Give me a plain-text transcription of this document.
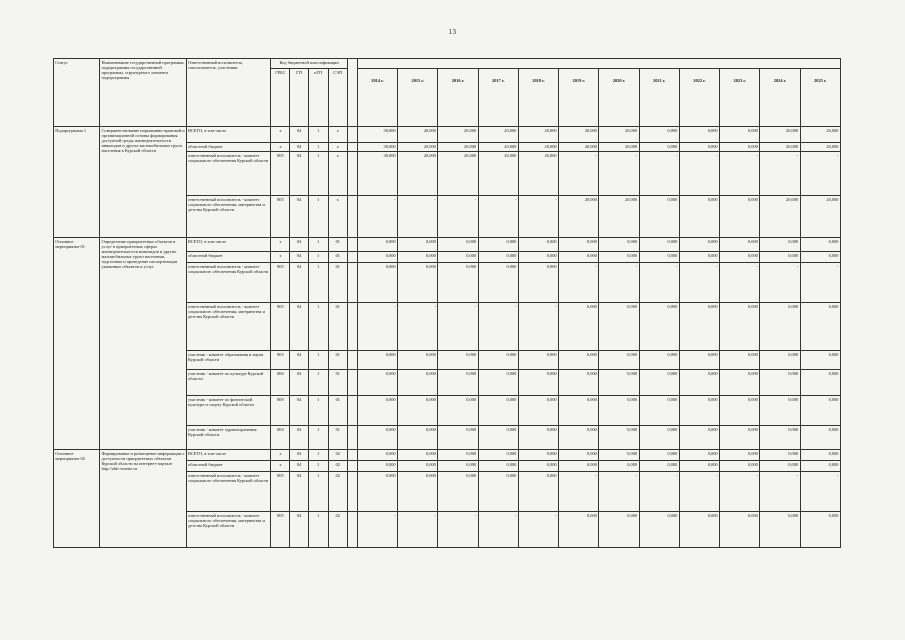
13
Статус	Наименование государственной программы, подпрограммы государственной программы, структурного элемента подпрограммы	Ответственный исполнитель, соисполнитель, участники	Код бюджетной классификации																
			ГРБС	ГП	пГП	СЭП		2014 г.	2015 г.	2016 г.	2017 г.	2018 г.	2019 г.	2020 г.	2021 г.	2022 г.	2023 г.	2024 г.	2025 г.
Подпрограмма 1	Совершенствование нормативно-правовой и организационной основы формирования доступной среды жизнедеятельности инвалидов и других маломобильных групп населения в Курской области	ВСЕГО, в том числе	х	04	1	х		30,000	20,000	20,000	20,000	20,000	20,000	20,000	0,000	0,000	0,000	20,000	20,000
		областной бюджет	х	04	1	х		30,000	20,000	20,000	20,000	20,000	20,000	20,000	0,000	0,000	0,000	20,000	20,000
		ответственный исполнитель - комитет социального обеспечения Курской области	805	04	1	х		30,000	20,000	20,000	20,000	20,000	-	-	-	-	-	-	-
		ответственный исполнитель - комитет социального обеспечения, материнства и детства Курской области	805	04	1	х		-	-	-	-	-	20,000	20,000	0,000	0,000	0,000	20,000	20,000
Основное мероприятие 01	Определение приоритетных объектов и услуг в приоритетных сферах жизнедеятельности инвалидов и других маломобильных групп населения, подготовка и проведение паспортизации указанных объектов и услуг	ВСЕГО, в том числе	х	04	1	01		0,000	0,000	0,000	0,000	0,000	0,000	0,000	0,000	0,000	0,000	0,000	0,000
		областной бюджет	х	04	1	01		0,000	0,000	0,000	0,000	0,000	0,000	0,000	0,000	0,000	0,000	0,000	0,000
		ответственный исполнитель - комитет социального обеспечения Курской области	805	04	1	01		0,000	0,000	0,000	0,000	0,000	-	-	-	-	-	-	-
		ответственный исполнитель - комитет социального обеспечения, материнства и детства Курской области	805	04	1	01		-	-	-	-	-	0,000	0,000	0,000	0,000	0,000	0,000	0,000
		участник - комитет образования и науки Курской области	803	04	1	01		0,000	0,000	0,000	0,000	0,000	0,000	0,000	0,000	0,000	0,000	0,000	0,000
		участник - комитет по культуре Курской области	806	04	1	01		0,000	0,000	0,000	0,000	0,000	0,000	0,000	0,000	0,000	0,000	0,000	0,000
		участник - комитет по физической культуре и спорту Курской области	809	04	1	01		0,000	0,000	0,000	0,000	0,000	0,000	0,000	0,000	0,000	0,000	0,000	0,000
		участник - комитет здравоохранения Курской области	804	04	1	01		0,000	0,000	0,000	0,000	0,000	0,000	0,000	0,000	0,000	0,000	0,000	0,000
Основное мероприятие 02	Формирование и размещение информации о доступности приоритетных объектов Курской области на интернет-портале http://zhit-vmeste.ru	ВСЕГО, в том числе	х	04	1	02		0,000	0,000	0,000	0,000	0,000	0,000	0,000	0,000	0,000	0,000	0,000	0,000
		областной бюджет	х	04	1	02		0,000	0,000	0,000	0,000	0,000	0,000	0,000	0,000	0,000	0,000	0,000	0,000
		ответственный исполнитель - комитет социального обеспечения Курской области	805	04	1	02		0,000	0,000	0,000	0,000	0,000	-	-	-	-	-	-	-
		ответственный исполнитель - комитет социального обеспечения, материнства и детства Курской области	805	04	1	02		-	-	-	-	-	0,000	0,000	0,000	0,000	0,000	0,000	0,000
